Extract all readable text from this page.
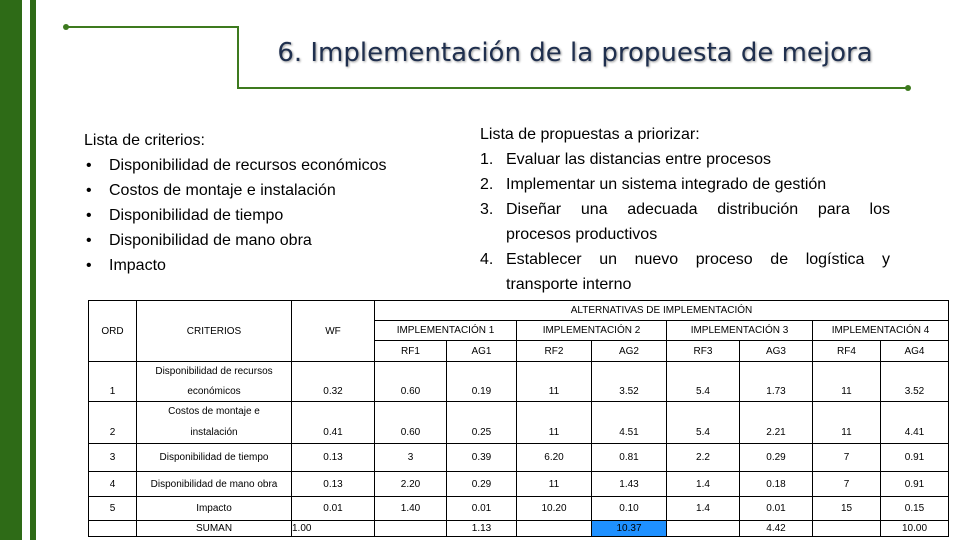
6. Implementación de la propuesta de mejora
Lista de criterios:
• Disponibilidad de recursos económicos
• Costos de montaje e instalación
• Disponibilidad de tiempo
• Disponibilidad de mano obra
• Impacto
Lista de propuestas a priorizar:
1. Evaluar las distancias entre procesos
2. Implementar un sistema integrado de gestión
3. Diseñar una adecuada distribución para los
procesos productivos
4. Establecer un nuevo proceso de logística y
transporte interno
ORD	CRITERIOS	WF	ALTERNATIVAS DE IMPLEMENTACIÓN							
			IMPLEMENTACIÓN 1		IMPLEMENTACIÓN 2		IMPLEMENTACIÓN 3		IMPLEMENTACIÓN 4	
			RF1	AG1	RF2	AG2	RF3	AG3	RF4	AG4
	Disponibilidad de recursos									
1	económicos	0.32	0.60	0.19	11	3.52	5.4	1.73	11	3.52
	Costos de montaje e									
2	instalación	0.41	0.60	0.25	11	4.51	5.4	2.21	11	4.41
3	Disponibilidad de tiempo	0.13	3	0.39	6.20	0.81	2.2	0.29	7	0.91
4	Disponibilidad de mano obra	0.13	2.20	0.29	11	1.43	1.4	0.18	7	0.91
5	Impacto	0.01	1.40	0.01	10.20	0.10	1.4	0.01	15	0.15
	SUMAN	1.00		1.13		10.37		4.42		10.00
